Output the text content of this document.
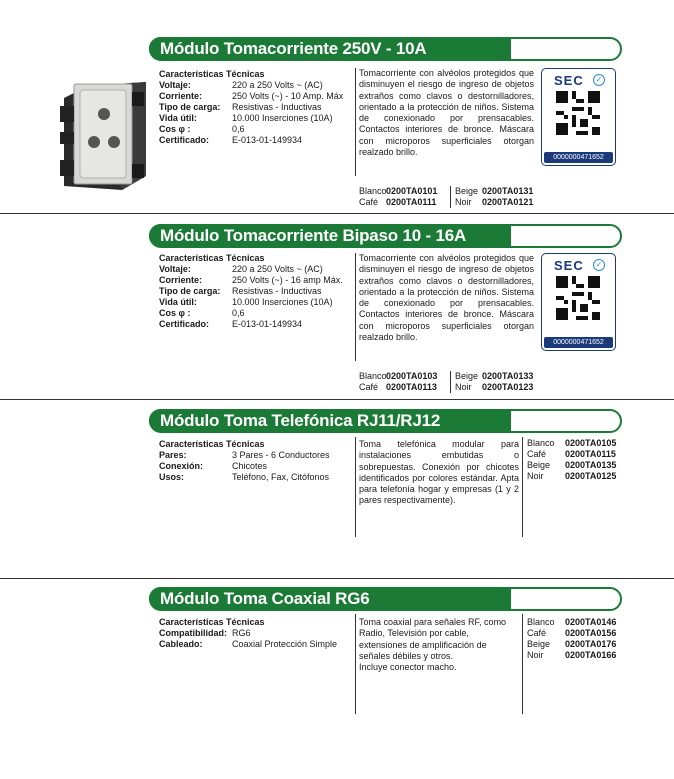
Módulo Tomacorriente 250V - 10A
Características Técnicas
Voltaje:	220 a 250 Volts ~ (AC)
Corriente:	250 Volts (~) - 10 Amp. Máx
Tipo de carga:	Resistivas - Inductivas
Vida útil:	10.000 Inserciones (10A)
Cos φ :	0,6
Certificado:	E-013-01-149934
Tomacorriente con alvéolos protegidos que disminuyen el riesgo de ingreso de objetos extraños como clavos o destornilladores, orientado a la protección de niños. Sistema de conexionado por prensacables. Contactos interiores de bronce. Máscara con microporos superficiales otorgan realzado brillo.
SEC	✓
0000000471652
Blanco 0200TA0101	Beige 0200TA0131
Café 0200TA0111	Noir	0200TA0121
Módulo Tomacorriente Bipaso 10 - 16A
Características Técnicas
Voltaje:	220 a 250 Volts ~ (AC)
Corriente:	250 Volts (~) - 16 amp Máx.
Tipo de carga:	Resistivas - Inductivas
Vida útil:	10.000 Inserciones (10A)
Cos φ :	0,6
Certificado:	E-013-01-149934
Tomacorriente con alvéolos protegidos que disminuyen el riesgo de ingreso de objetos extraños como clavos o destornilladores, orientado a la protección de niños. Sistema de conexionado por prensacables. Contactos interiores de bronce. Máscara con microporos superficiales otorgan realzado brillo.
SEC	✓
0000000471652
Blanco 0200TA0103	Beige 0200TA0133
Café 0200TA0113	Noir	0200TA0123
Módulo Toma Telefónica RJ11/RJ12
Características Técnicas
Pares:	3 Pares - 6 Conductores
Conexión:	Chicotes
Usos:	Teléfono, Fax, Citófonos
Toma telefónica modular para instalaciones embutidas o sobrepuestas. Conexión por chicotes identificados por colores estándar. Apta para telefonía hogar y empresas (1 y 2 pares respectivamente).
Blanco	0200TA0105
Café	0200TA0115
Beige	0200TA0135
Noir	0200TA0125
Módulo Toma Coaxial RG6
Características Técnicas
Compatibilidad: RG6
Cableado:	Coaxial Protección Simple
Toma coaxial para señales RF, como Radio, Televisión por cable, extensiones de amplificación de señales débiles y otros.
Incluye conector macho.
Blanco	0200TA0146
Café	0200TA0156
Beige	0200TA0176
Noir	0200TA0166
